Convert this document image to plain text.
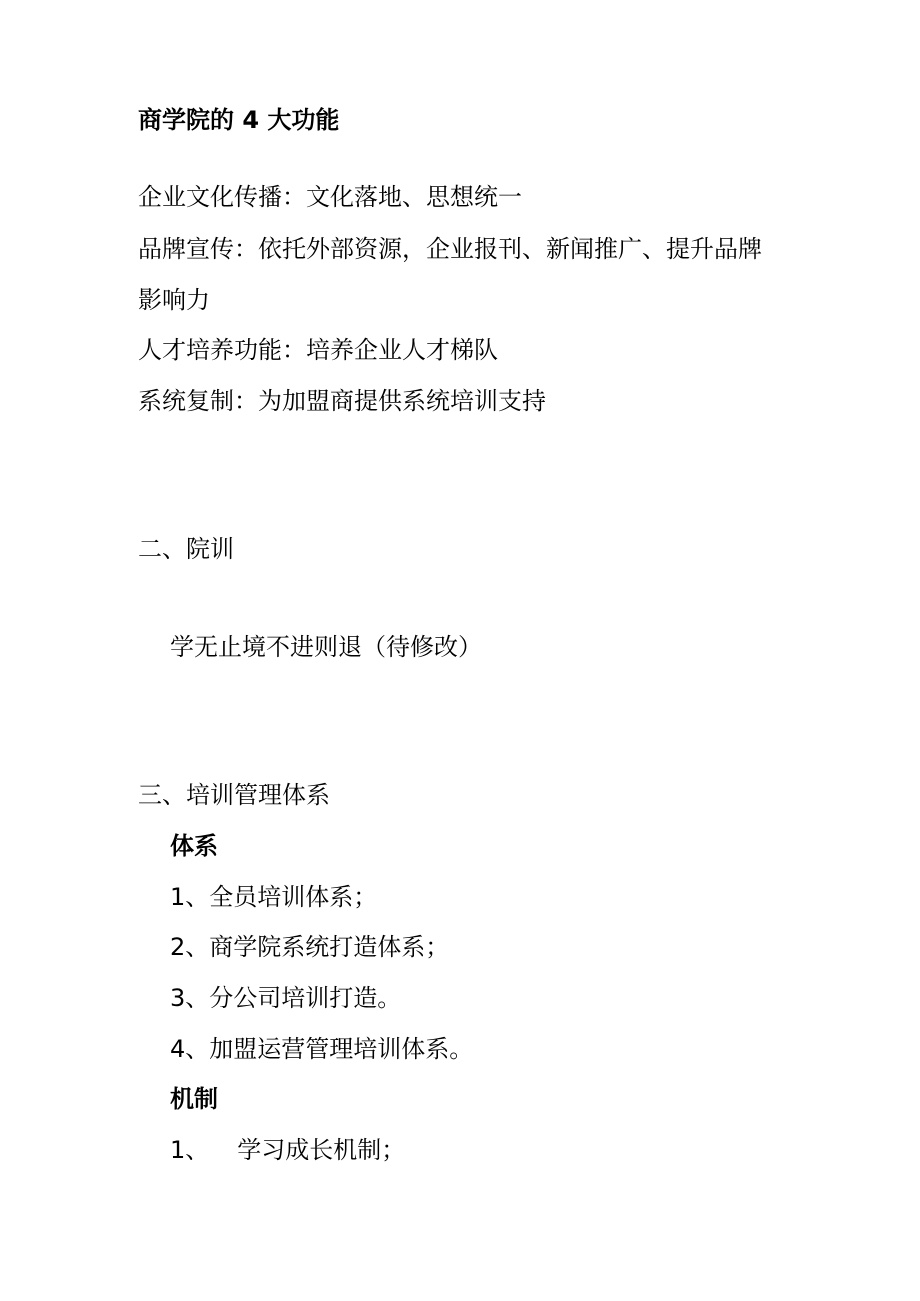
商学院的 4 大功能
企业文化传播：文化落地、思想统一
品牌宣传：依托外部资源，企业报刊、新闻推广、提升品牌
影响力
人才培养功能：培养企业人才梯队
系统复制：为加盟商提供系统培训支持
二、院训
学无止境不进则退（待修改）
三、培训管理体系
体系
1、全员培训体系；
2、商学院系统打造体系；
3、分公司培训打造。
4、加盟运营管理培训体系。
机制
1、 学习成长机制；
